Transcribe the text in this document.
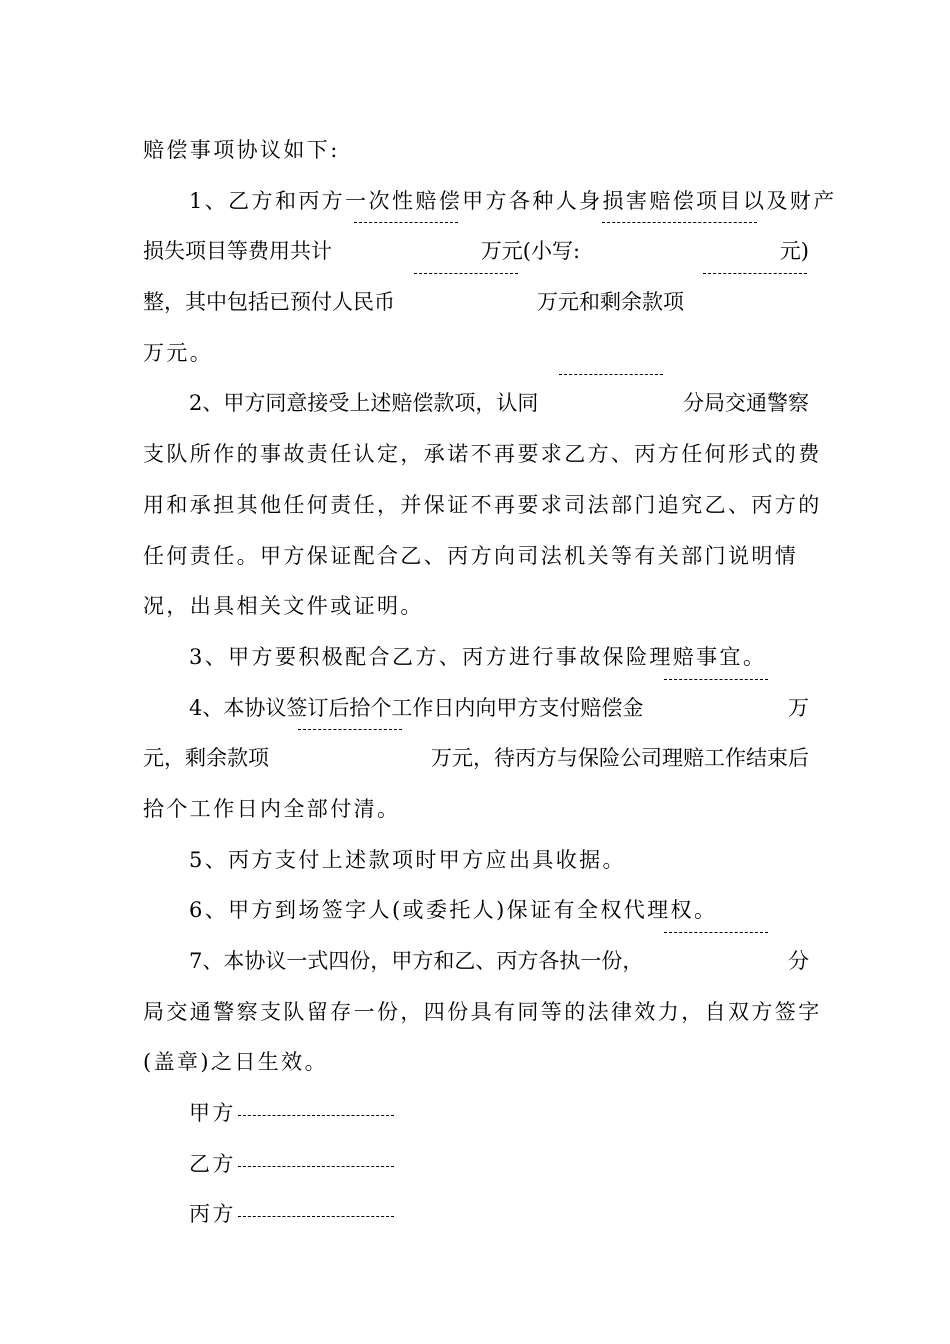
赔偿事项协议如下:
1、乙方和丙方一次性赔偿甲方各种人身损害赔偿项目以及财产
损失项目等费用共计	万元(小写:	元)
整，其中包括已预付人民币	万元和剩余款项
万元。
2、甲方同意接受上述赔偿款项，认同	分局交通警察
支队所作的事故责任认定，承诺不再要求乙方、丙方任何形式的费
用和承担其他任何责任，并保证不再要求司法部门追究乙、丙方的
任何责任。甲方保证配合乙、丙方向司法机关等有关部门说明情
况，出具相关文件或证明。
3、甲方要积极配合乙方、丙方进行事故保险理赔事宜。
4、本协议签订后拾个工作日内向甲方支付赔偿金	万
元，剩余款项	万元，待丙方与保险公司理赔工作结束后
拾个工作日内全部付清。
5、丙方支付上述款项时甲方应出具收据。
6、甲方到场签字人(或委托人)保证有全权代理权。
7、本协议一式四份，甲方和乙、丙方各执一份，	分
局交通警察支队留存一份，四份具有同等的法律效力，自双方签字
(盖章)之日生效。
甲方
乙方
丙方
